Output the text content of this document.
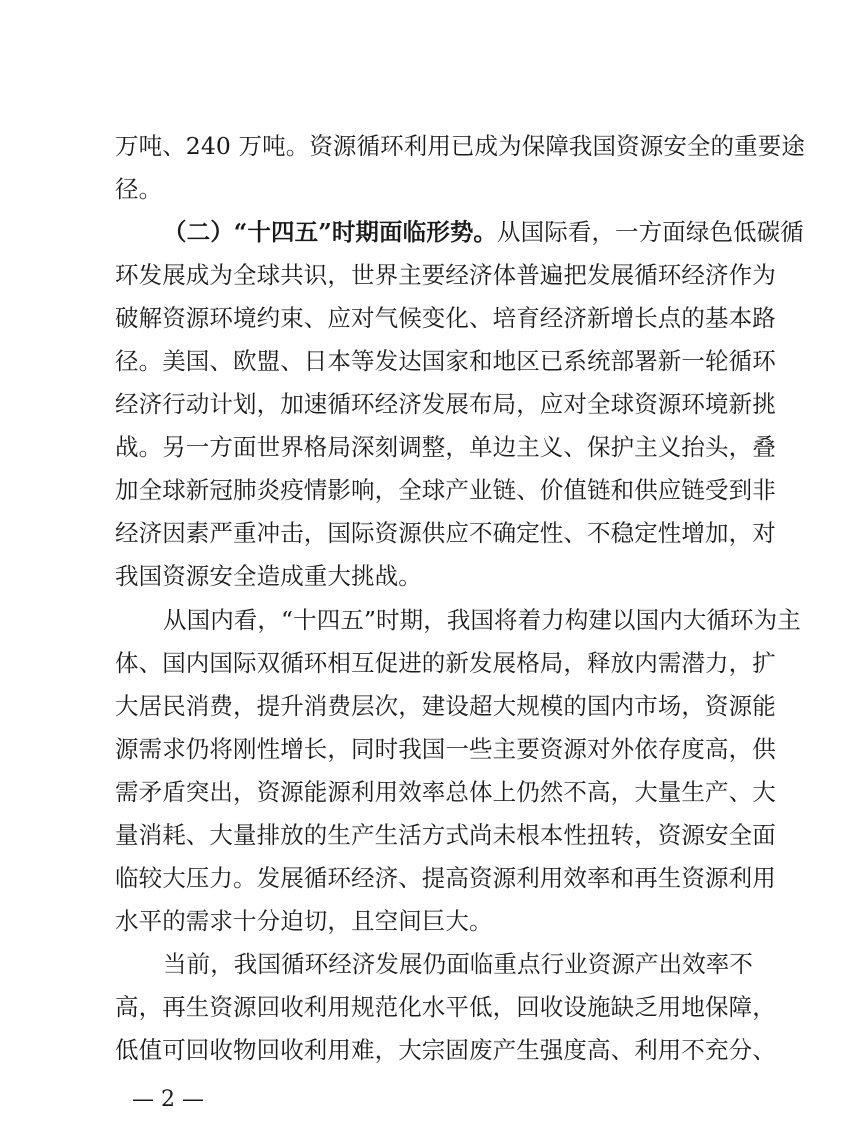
万吨、240 万吨。资源循环利用已成为保障我国资源安全的重要途
径。
（二）“十四五”时期面临形势。从国际看，一方面绿色低碳循
环发展成为全球共识，世界主要经济体普遍把发展循环经济作为
破解资源环境约束、应对气候变化、培育经济新增长点的基本路
径。美国、欧盟、日本等发达国家和地区已系统部署新一轮循环
经济行动计划，加速循环经济发展布局，应对全球资源环境新挑
战。另一方面世界格局深刻调整，单边主义、保护主义抬头，叠
加全球新冠肺炎疫情影响，全球产业链、价值链和供应链受到非
经济因素严重冲击，国际资源供应不确定性、不稳定性增加，对
我国资源安全造成重大挑战。
从国内看，“十四五”时期，我国将着力构建以国内大循环为主
体、国内国际双循环相互促进的新发展格局，释放内需潜力，扩
大居民消费，提升消费层次，建设超大规模的国内市场，资源能
源需求仍将刚性增长，同时我国一些主要资源对外依存度高，供
需矛盾突出，资源能源利用效率总体上仍然不高，大量生产、大
量消耗、大量排放的生产生活方式尚未根本性扭转，资源安全面
临较大压力。发展循环经济、提高资源利用效率和再生资源利用
水平的需求十分迫切，且空间巨大。
当前，我国循环经济发展仍面临重点行业资源产出效率不
— 2 —
高，再生资源回收利用规范化水平低，回收设施缺乏用地保障，
低值可回收物回收利用难，大宗固废产生强度高、利用不充分、
